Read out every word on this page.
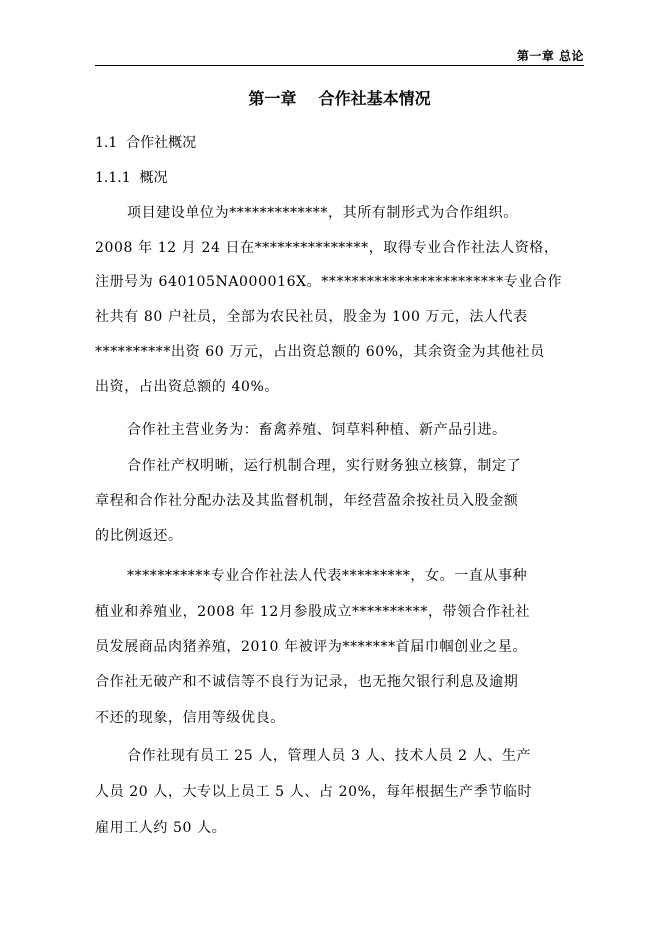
第一章 总论
第一章    合作社基本情况
1.1  合作社概况
1.1.1  概况
项目建设单位为*************，其所有制形式为合作组织。
2008 年 12 月 24 日在***************，取得专业合作社法人资格，
注册号为 640105NA000016X。************************专业合作
社共有 80 户社员，全部为农民社员，股金为 100 万元，法人代表
**********出资 60 万元，占出资总额的 60%，其余资金为其他社员
出资，占出资总额的 40%。
合作社主营业务为：畜禽养殖、饲草料种植、新产品引进。
合作社产权明晰，运行机制合理，实行财务独立核算，制定了
章程和合作社分配办法及其监督机制，年经营盈余按社员入股金额
的比例返还。
***********专业合作社法人代表*********，女。一直从事种
植业和养殖业，2008 年 12月参股成立**********，带领合作社社
员发展商品肉猪养殖，2010 年被评为*******首届巾帼创业之星。
合作社无破产和不诚信等不良行为记录，也无拖欠银行利息及逾期
不还的现象，信用等级优良。
合作社现有员工 25 人，管理人员 3 人、技术人员 2 人、生产
人员 20 人，大专以上员工 5 人、占 20%，每年根据生产季节临时
雇用工人约 50 人。
